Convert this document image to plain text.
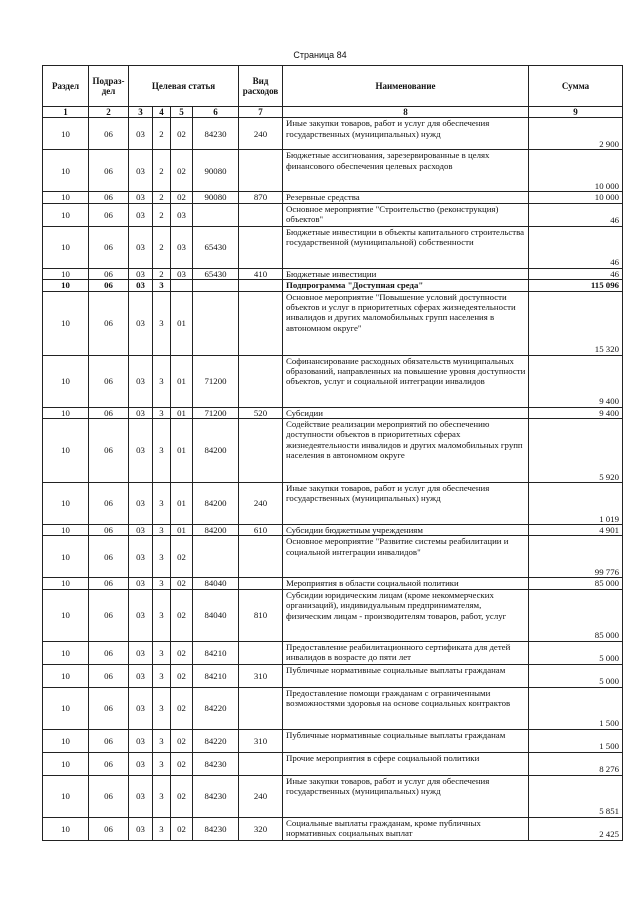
Страница 84
Раздел	Подраз-дел	Целевая статья				Вид расходов	Наименование	Сумма
1	2	3	4	5	6	7	8	9
10	06	03	2	02	84230	240	Иные закупки товаров, работ и услуг для обеспечения государственных (муниципальных) нужд	2 900
10	06	03	2	02	90080		Бюджетные ассигнования, зарезервированные в целях финансового обеспечения целевых расходов	10 000
10	06	03	2	02	90080	870	Резервные средства	10 000
10	06	03	2	03			Основное мероприятие "Строительство (реконструкция) объектов"	46
10	06	03	2	03	65430		Бюджетные инвестиции в объекты капитального строительства государственной (муниципальной) собственности	46
10	06	03	2	03	65430	410	Бюджетные инвестиции	46
10	06	03	3				Подпрограмма "Доступная среда"	115 096
10	06	03	3	01			Основное мероприятие "Повышение условий доступности объектов и услуг в приоритетных сферах жизнедеятельности инвалидов и других маломобильных групп населения в автономном округе"	15 320
10	06	03	3	01	71200		Софинансирование расходных обязательств муниципальных образований, направленных на повышение уровня доступности объектов, услуг и социальной интеграции инвалидов	9 400
10	06	03	3	01	71200	520	Субсидии	9 400
10	06	03	3	01	84200		Содействие реализации мероприятий по обеспечению доступности объектов в приоритетных сферах жизнедеятельности инвалидов и других маломобильных групп населения в автономном округе	5 920
10	06	03	3	01	84200	240	Иные закупки товаров, работ и услуг для обеспечения государственных (муниципальных) нужд	1 019
10	06	03	3	01	84200	610	Субсидии бюджетным учреждениям	4 901
10	06	03	3	02			Основное мероприятие "Развитие системы реабилитации и социальной интеграции инвалидов"	99 776
10	06	03	3	02	84040		Мероприятия в области социальной политики	85 000
10	06	03	3	02	84040	810	Субсидии юридическим лицам (кроме некоммерческих организаций), индивидуальным предпринимателям, физическим лицам - производителям товаров, работ, услуг	85 000
10	06	03	3	02	84210		Предоставление реабилитационного сертификата для детей инвалидов в возрасте до пяти лет	5 000
10	06	03	3	02	84210	310	Публичные нормативные социальные выплаты гражданам	5 000
10	06	03	3	02	84220		Предоставление помощи гражданам с ограниченными возможностями здоровья на основе социальных контрактов	1 500
10	06	03	3	02	84220	310	Публичные нормативные социальные выплаты гражданам	1 500
10	06	03	3	02	84230		Прочие мероприятия в сфере социальной политики	8 276
10	06	03	3	02	84230	240	Иные закупки товаров, работ и услуг для обеспечения государственных (муниципальных) нужд	5 851
10	06	03	3	02	84230	320	Социальные выплаты гражданам, кроме публичных нормативных социальных выплат	2 425
